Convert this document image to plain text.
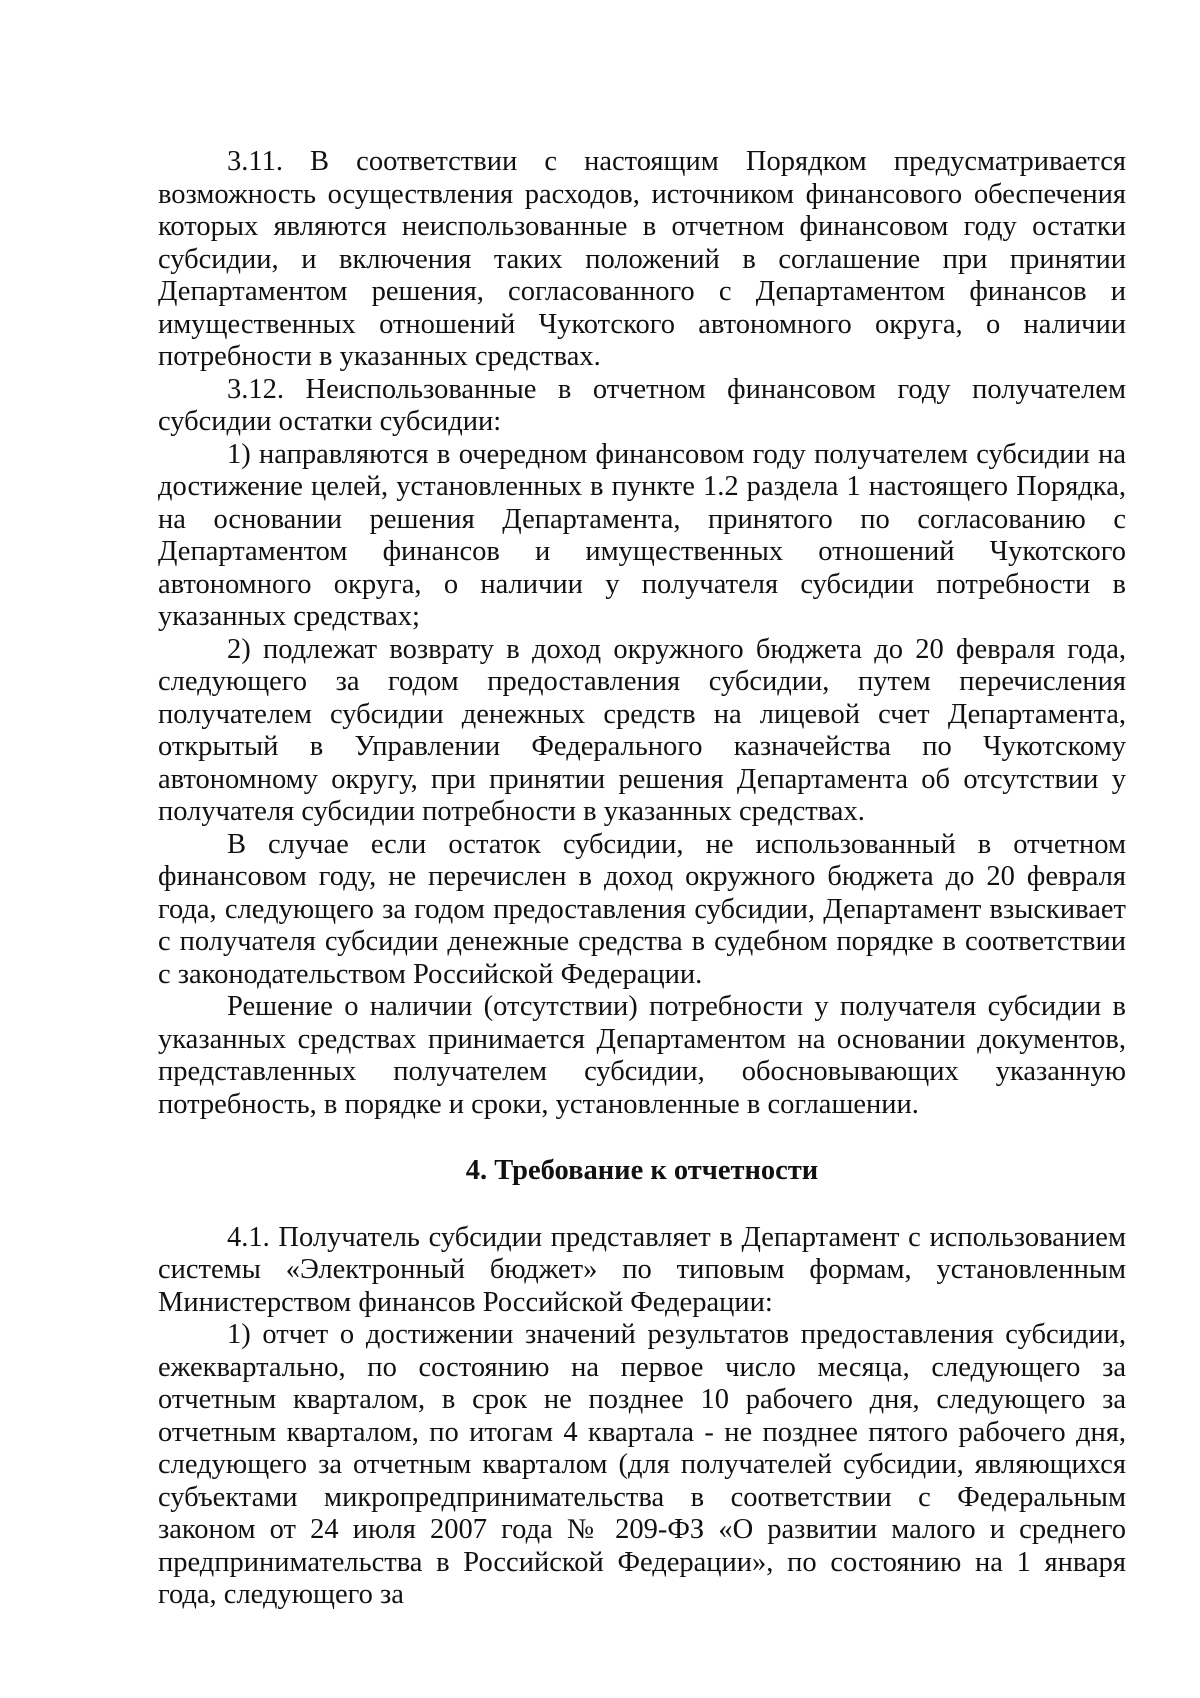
3.11. В соответствии с настоящим Порядком предусматривается возможность осуществления расходов, источником финансового обеспечения которых являются неиспользованные в отчетном финансовом году остатки субсидии, и включения таких положений в соглашение при принятии Департаментом решения, согласованного с Департаментом финансов и имущественных отношений Чукотского автономного округа, о наличии потребности в указанных средствах.

3.12. Неиспользованные в отчетном финансовом году получателем субсидии остатки субсидии:

1) направляются в очередном финансовом году получателем субсидии на достижение целей, установленных в пункте 1.2 раздела 1 настоящего Порядка, на основании решения Департамента, принятого по согласованию с Департаментом финансов и имущественных отношений Чукотского автономного округа, о наличии у получателя субсидии потребности в указанных средствах;

2) подлежат возврату в доход окружного бюджета до 20 февраля года, следующего за годом предоставления субсидии, путем перечисления получателем субсидии денежных средств на лицевой счет Департамента, открытый в Управлении Федерального казначейства по Чукотскому автономному округу, при принятии решения Департамента об отсутствии у получателя субсидии потребности в указанных средствах.

В случае если остаток субсидии, не использованный в отчетном финансовом году, не перечислен в доход окружного бюджета до 20 февраля года, следующего за годом предоставления субсидии, Департамент взыскивает с получателя субсидии денежные средства в судебном порядке в соответствии с законодательством Российской Федерации.

Решение о наличии (отсутствии) потребности у получателя субсидии в указанных средствах принимается Департаментом на основании документов, представленных получателем субсидии, обосновывающих указанную потребность, в порядке и сроки, установленные в соглашении.

4. Требование к отчетности

4.1. Получатель субсидии представляет в Департамент с использованием системы «Электронный бюджет» по типовым формам, установленным Министерством финансов Российской Федерации:

1) отчет о достижении значений результатов предоставления субсидии, ежеквартально, по состоянию на первое число месяца, следующего за отчетным кварталом, в срок не позднее 10 рабочего дня, следующего за отчетным кварталом, по итогам 4 квартала - не позднее пятого рабочего дня, следующего за отчетным кварталом (для получателей субсидии, являющихся субъектами микропредпринимательства в соответствии с Федеральным законом от 24 июля 2007 года № 209-ФЗ «О развитии малого и среднего предпринимательства в Российской Федерации», по состоянию на 1 января года, следующего за
